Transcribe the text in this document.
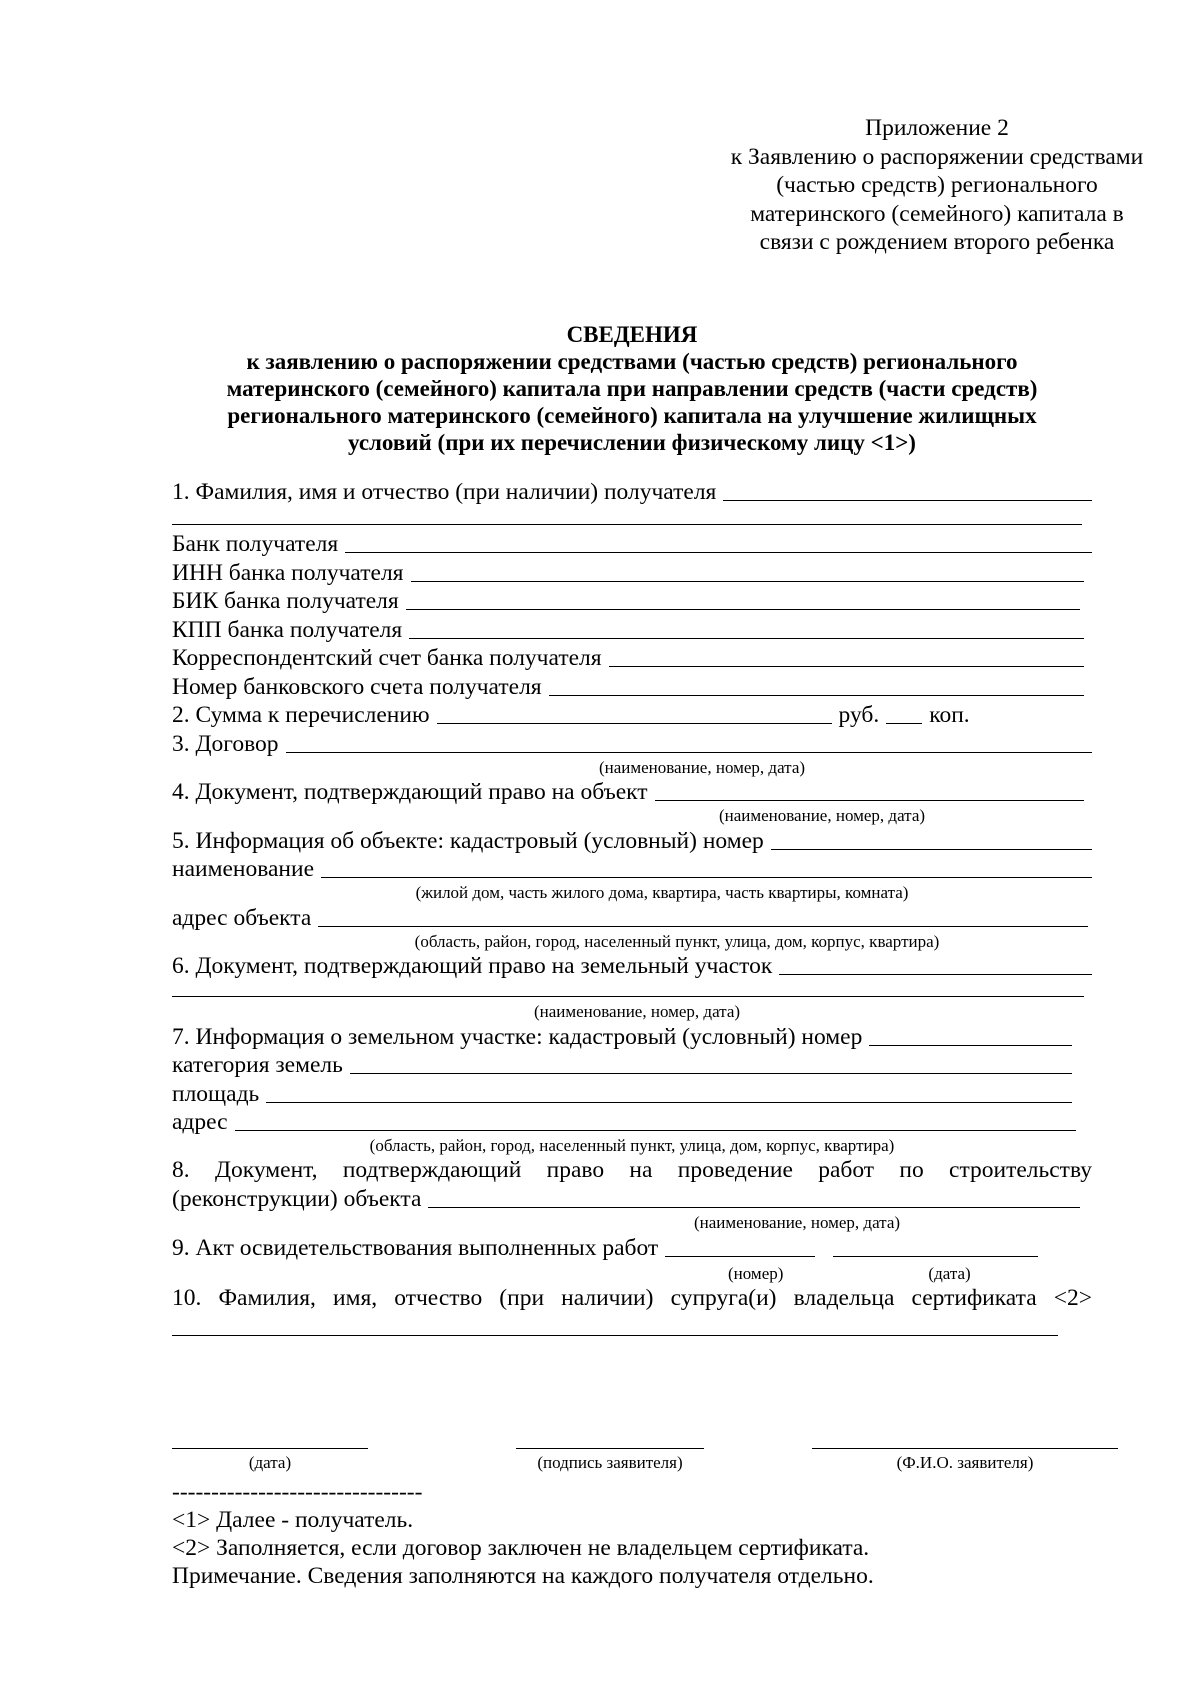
Приложение 2
к Заявлению о распоряжении средствами
(частью средств) регионального
материнского (семейного) капитала в
связи с рождением второго ребенка
СВЕДЕНИЯ
к заявлению о распоряжении средствами (частью средств) регионального
материнского (семейного) капитала при направлении средств (части средств)
регионального материнского (семейного) капитала на улучшение жилищных
условий (при их перечислении физическому лицу <1>)
1. Фамилия, имя и отчество (при наличии) получателя
Банк получателя
ИНН банка получателя
БИК банка получателя
КПП банка получателя
Корреспондентский счет банка получателя
Номер банковского счета получателя
2. Сумма к перечислению	руб. коп.
3. Договор
(наименование, номер, дата)
4. Документ, подтверждающий право на объект
(наименование, номер, дата)
5. Информация об объекте: кадастровый (условный) номер
наименование
(жилой дом, часть жилого дома, квартира, часть квартиры, комната)
адрес объекта
(область, район, город, населенный пункт, улица, дом, корпус, квартира)
6. Документ, подтверждающий право на земельный участок
(наименование, номер, дата)
7. Информация о земельном участке: кадастровый (условный) номер
категория земель
площадь
адрес
(область, район, город, населенный пункт, улица, дом, корпус, квартира)
8. Документ, подтверждающий право на проведение работ по строительству
(реконструкции) объекта
(наименование, номер, дата)
9. Акт освидетельствования выполненных работ
(номер)	(дата)
10. Фамилия, имя, отчество (при наличии) супруга(и) владельца сертификата <2>
(дата)	(подпись заявителя)	(Ф.И.О. заявителя)
--------------------------------
<1> Далее - получатель.
<2> Заполняется, если договор заключен не владельцем сертификата.
Примечание. Сведения заполняются на каждого получателя отдельно.
